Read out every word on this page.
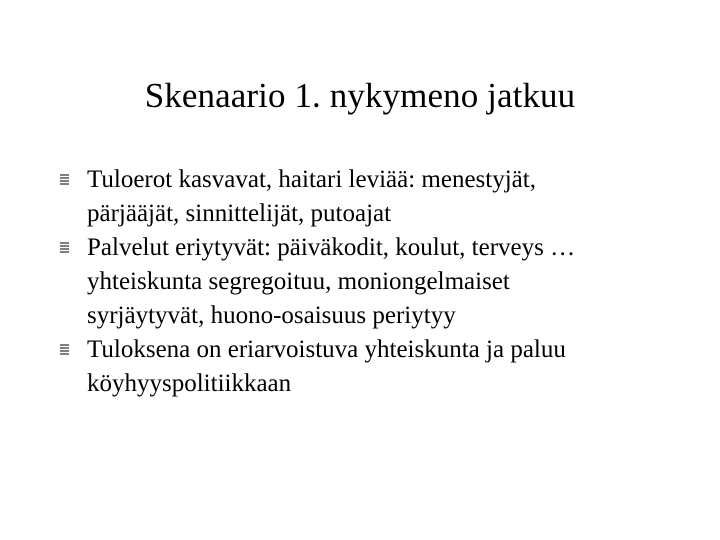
Skenaario 1. nykymeno jatkuu
Tuloerot kasvavat, haitari leviää: menestyjät,
pärjääjät, sinnittelijät, putoajat
Palvelut eriytyvät: päiväkodit, koulut, terveys …
yhteiskunta segregoituu, moniongelmaiset
syrjäytyvät, huono-osaisuus periytyy
Tuloksena on eriarvoistuva yhteiskunta ja paluu
köyhyyspolitiikkaan
